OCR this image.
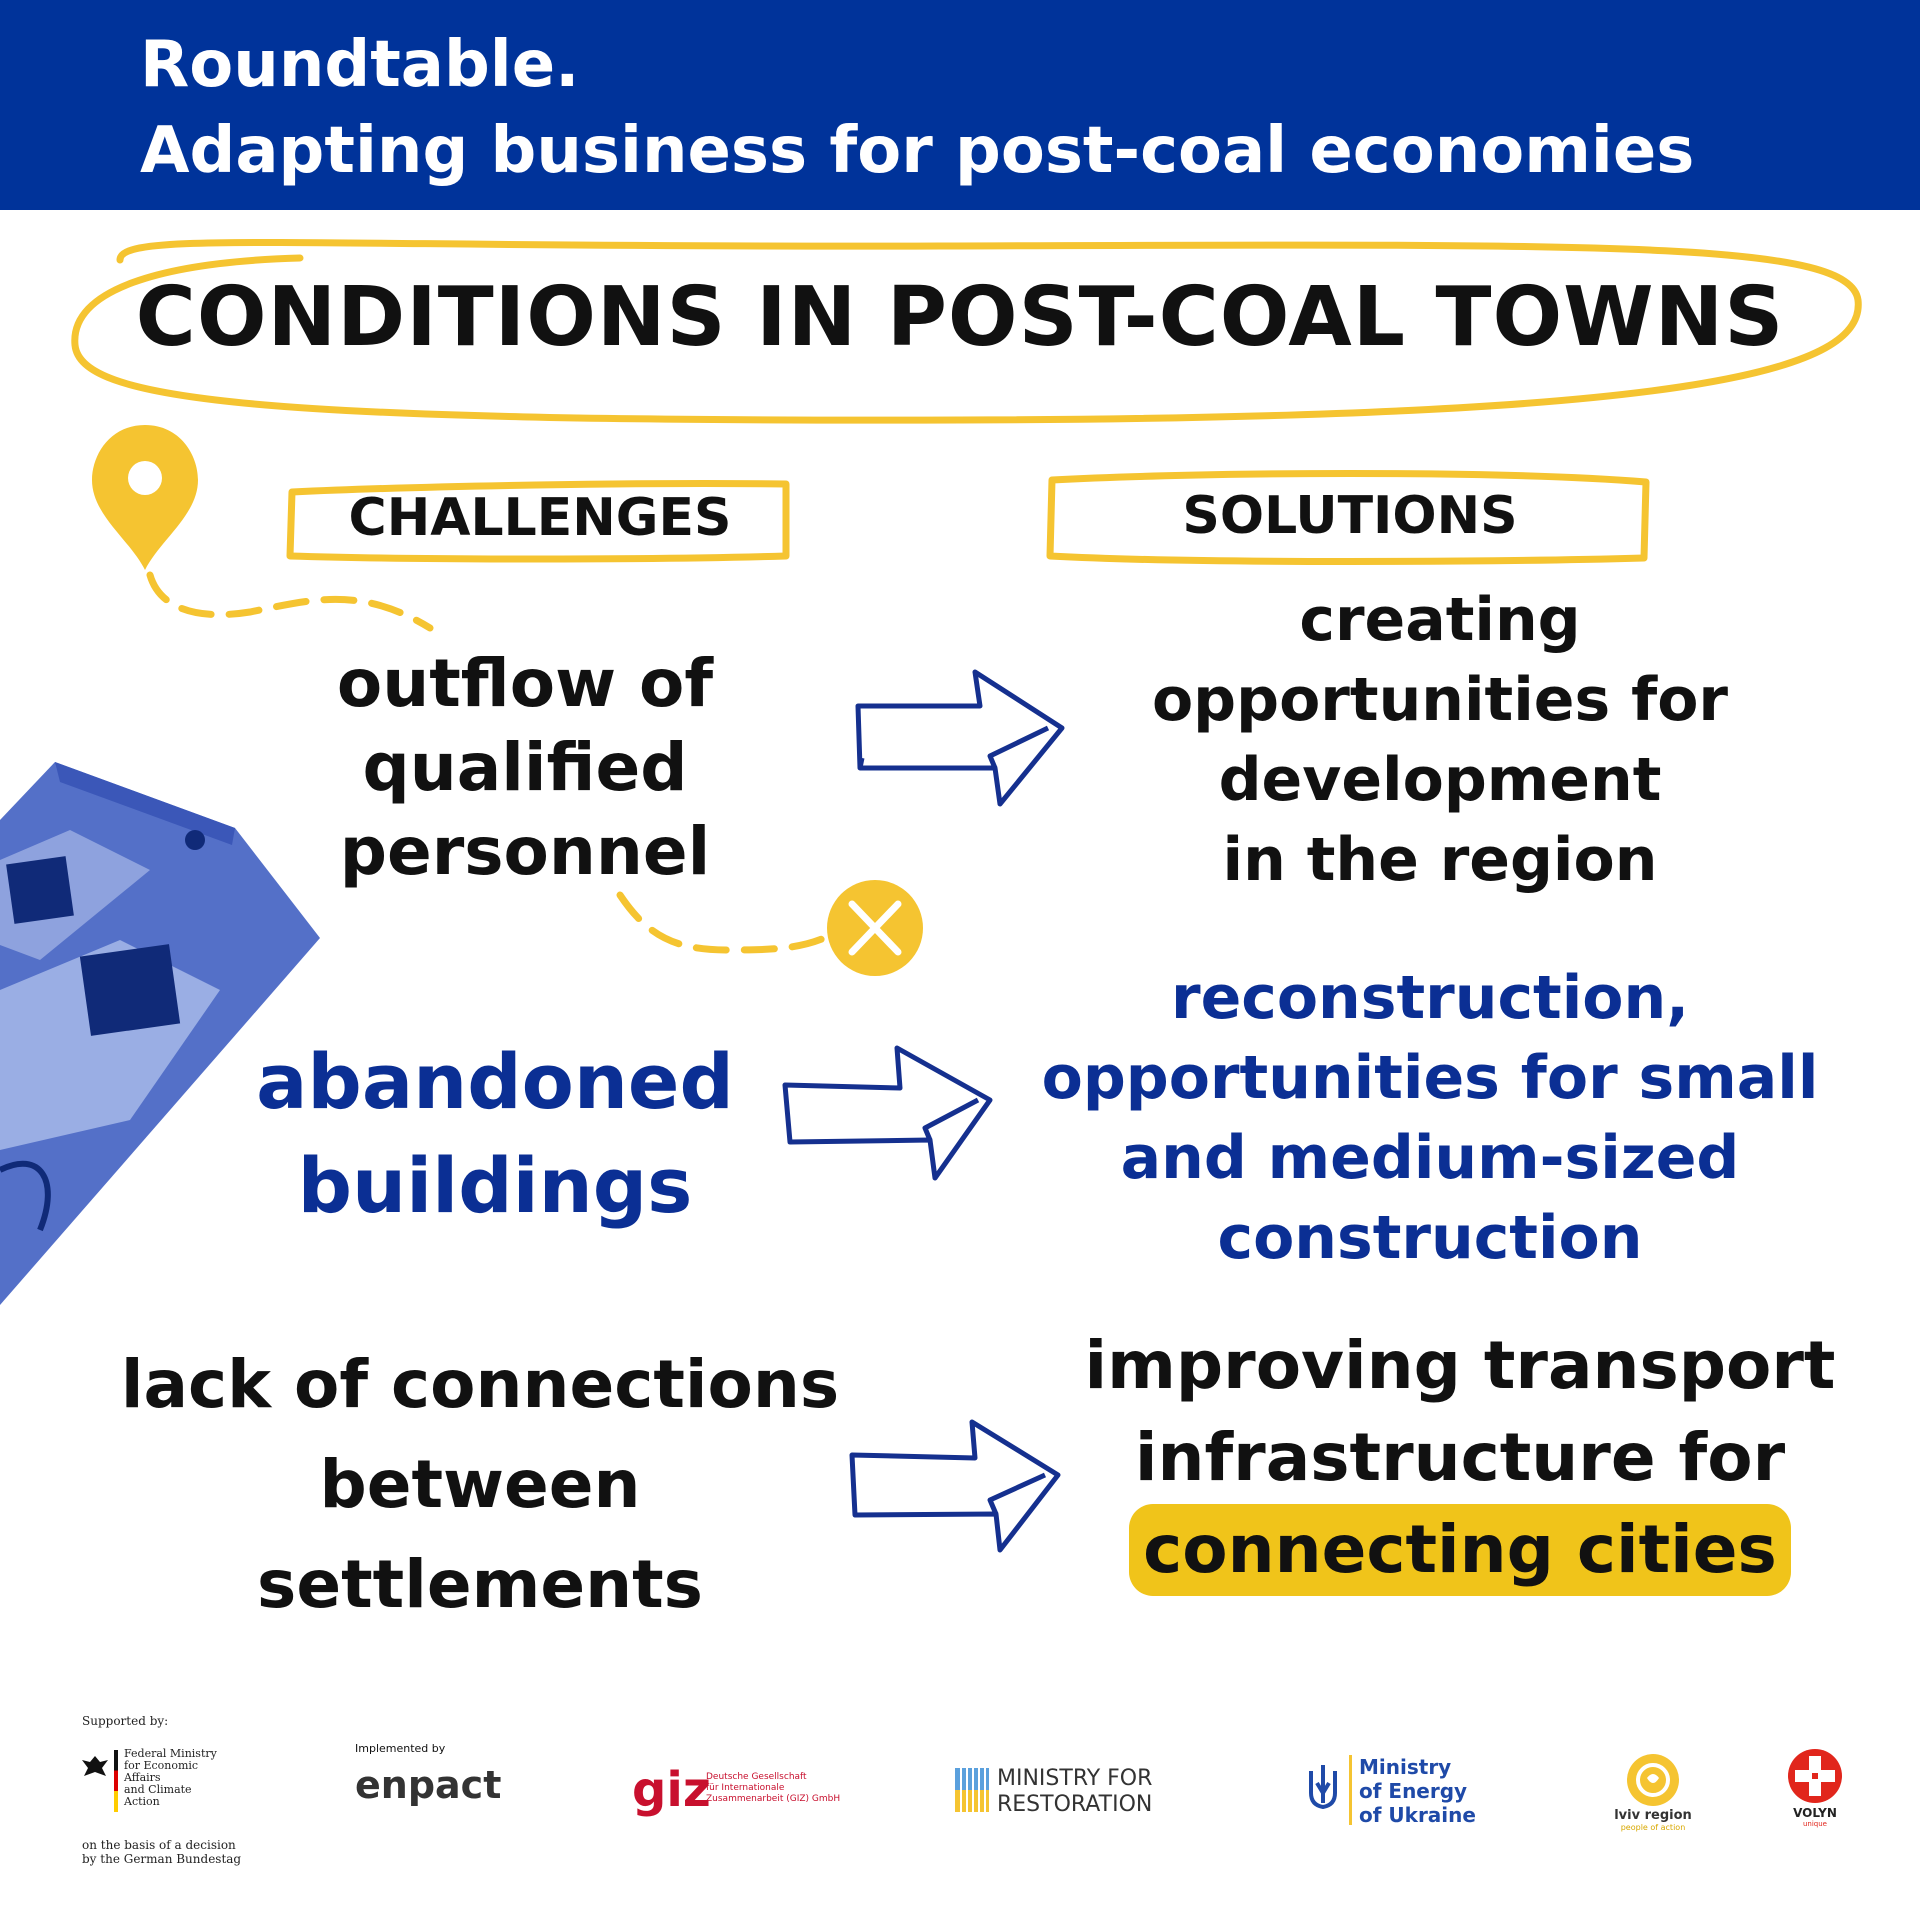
Roundtable.
Adapting business for post-coal economies
CONDITIONS IN POST-COAL TOWNS
CHALLENGES	SOLUTIONS
outflow of
qualified
personnel
creating
opportunities for
development
in the region
abandoned
buildings
reconstruction,
opportunities for small
and medium-sized
construction
lack of connections
between
settlements
improving transport
infrastructure for
connecting cities
Supported by:
Federal Ministry
for Economic Affairs
and Climate Action
on the basis of a decision
by the German Bundestag
Implemented by
enpact	giz
Deutsche Gesellschaft
für Internationale
Zusammenarbeit (GIZ) GmbH
MINISTRY FOR
RESTORATION
Ministry
of Energy
of Ukraine	lviv region
people of action
VOLYN
unique
